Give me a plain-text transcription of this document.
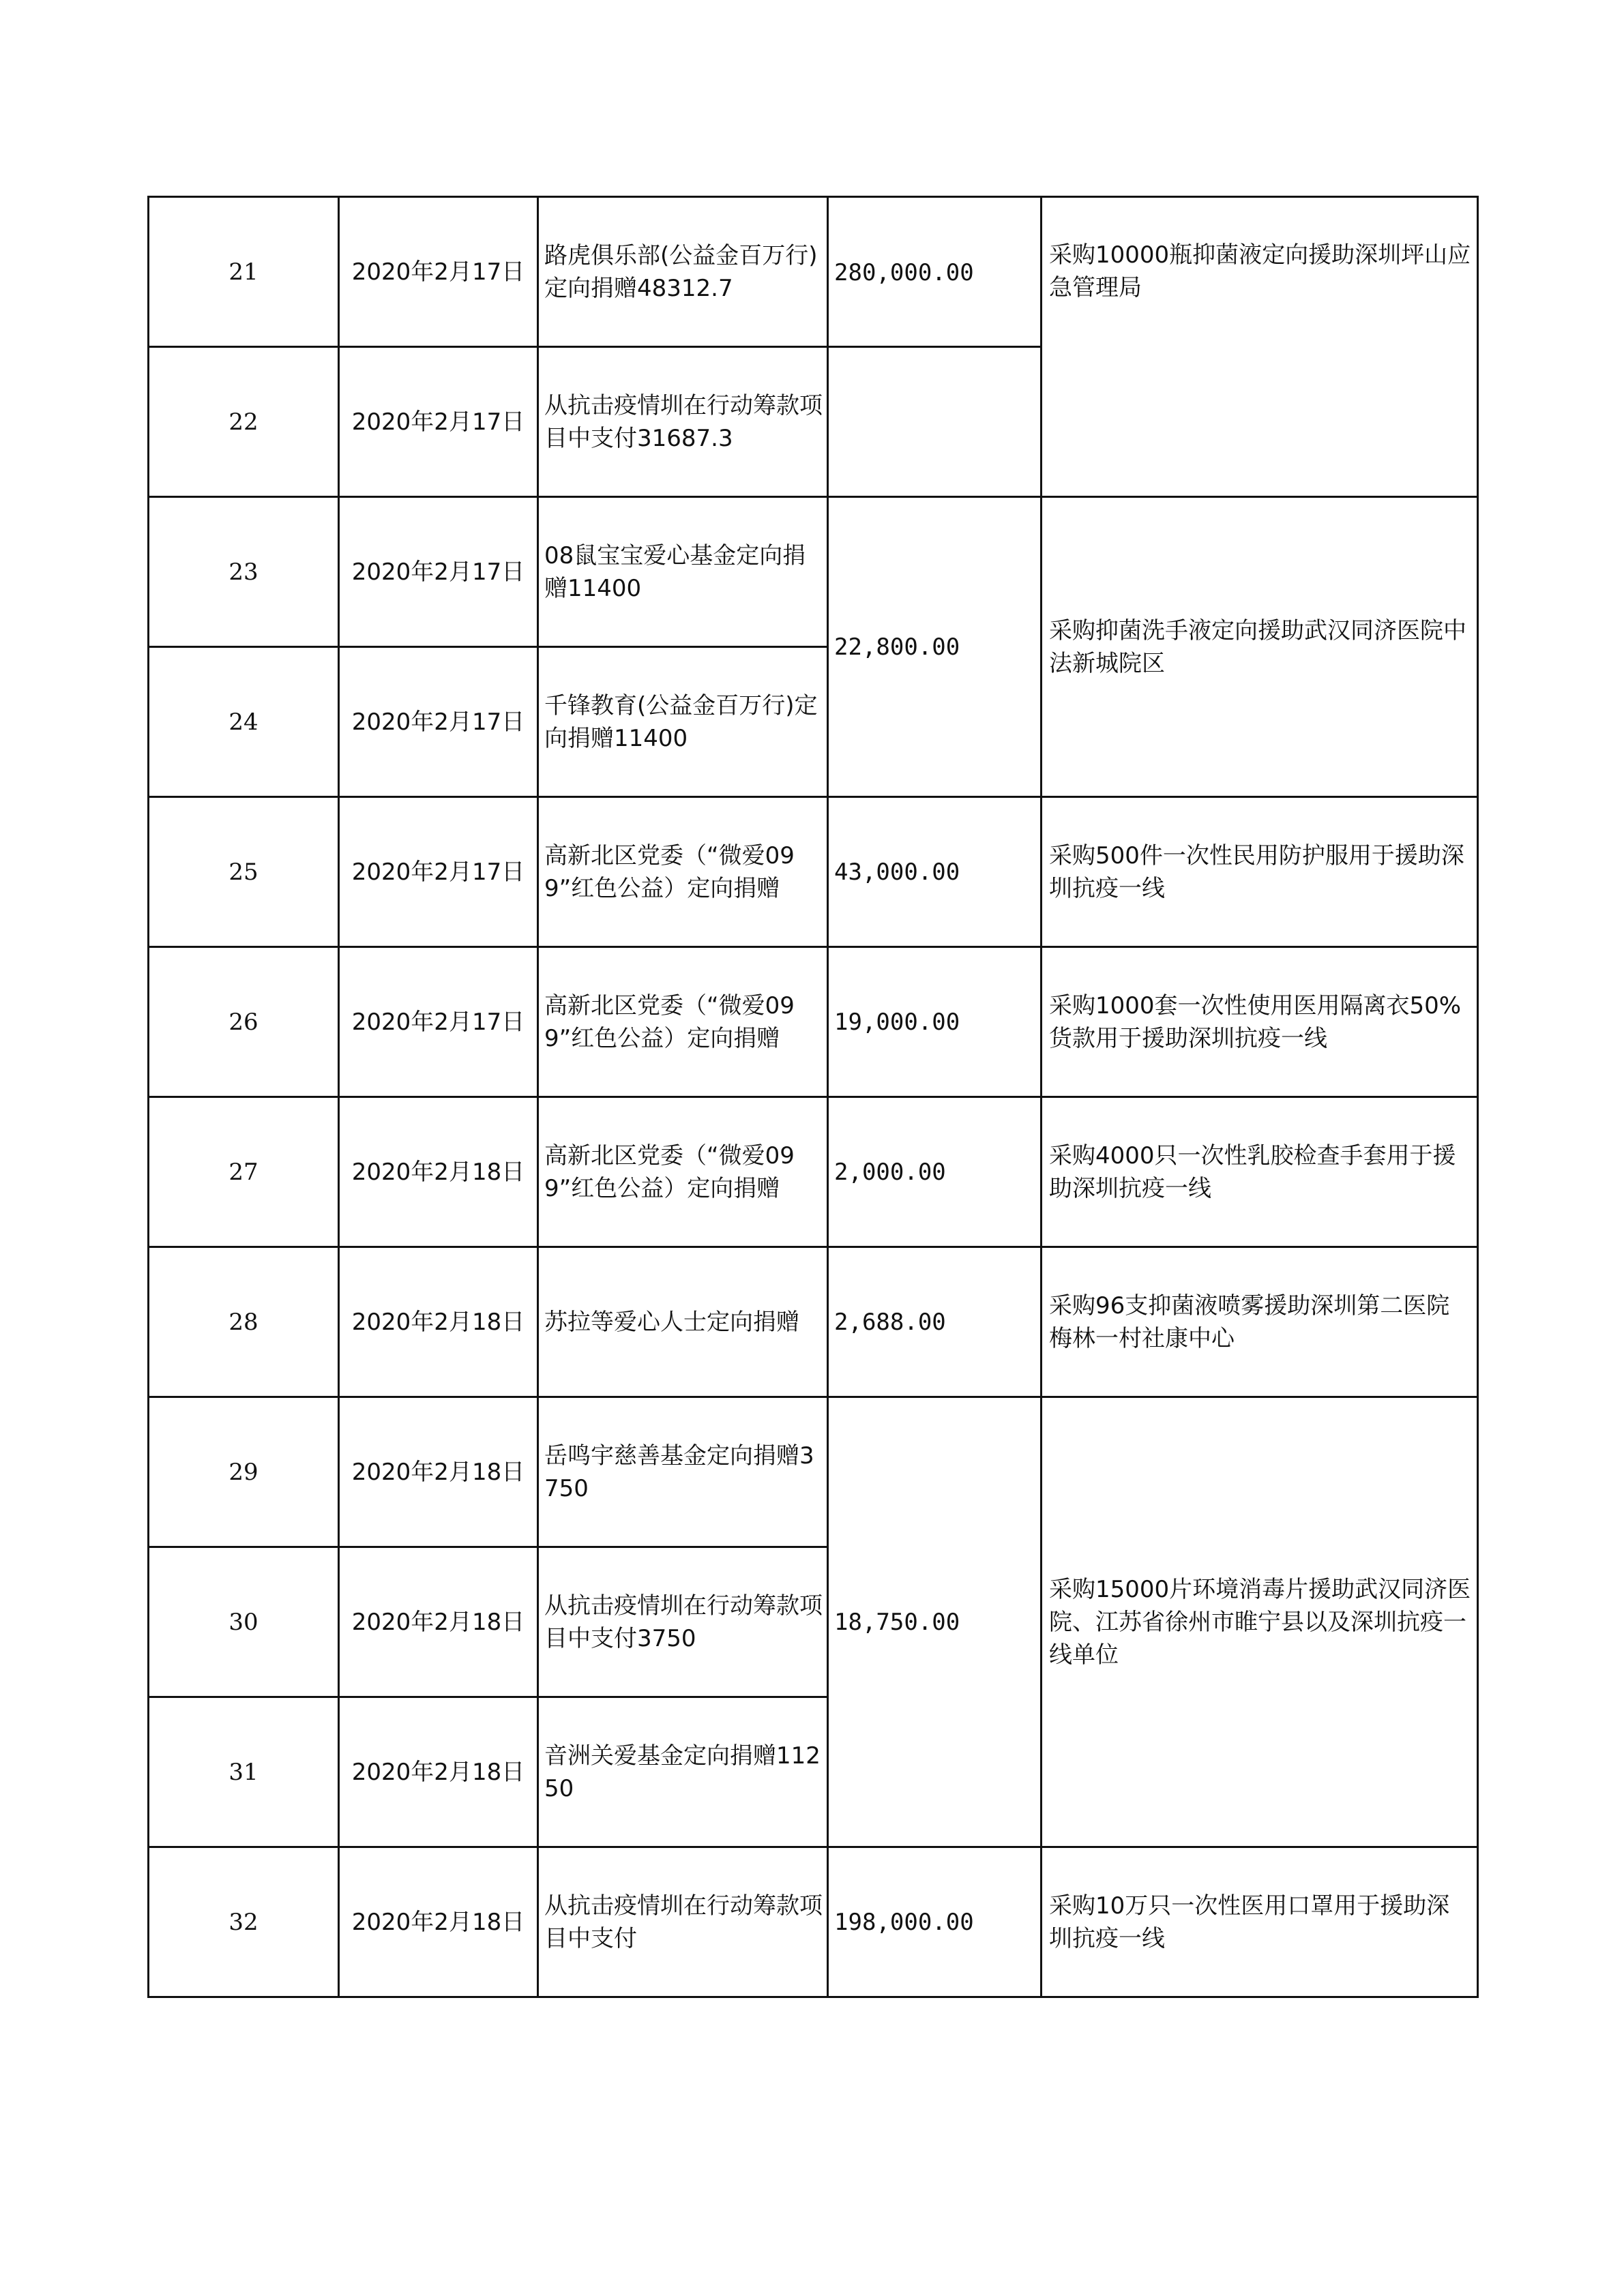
21	2020年2月17日	路虎俱乐部(公益金百万行)定向捐赠48312.7	280,000.00	采购10000瓶抑菌液定向援助深圳坪山应急管理局
22	2020年2月17日	从抗击疫情圳在行动筹款项目中支付31687.3		
23	2020年2月17日	08鼠宝宝爱心基金定向捐赠11400	22,800.00	采购抑菌洗手液定向援助武汉同济医院中法新城院区
24	2020年2月17日	千锋教育(公益金百万行)定向捐赠11400		
25	2020年2月17日	高新北区党委（“微爱099”红色公益）定向捐赠	43,000.00	采购500件一次性民用防护服用于援助深圳抗疫一线
26	2020年2月17日	高新北区党委（“微爱099”红色公益）定向捐赠	19,000.00	采购1000套一次性使用医用隔离衣50%货款用于援助深圳抗疫一线
27	2020年2月18日	高新北区党委（“微爱099”红色公益）定向捐赠	2,000.00	采购4000只一次性乳胶检查手套用于援助深圳抗疫一线
28	2020年2月18日	苏拉等爱心人士定向捐赠	2,688.00	采购96支抑菌液喷雾援助深圳第二医院梅林一村社康中心
29	2020年2月18日	岳鸣宇慈善基金定向捐赠3750	18,750.00	采购15000片环境消毒片援助武汉同济医院、江苏省徐州市睢宁县以及深圳抗疫一线单位
30	2020年2月18日	从抗击疫情圳在行动筹款项目中支付3750		
31	2020年2月18日	音洲关爱基金定向捐赠11250		
32	2020年2月18日	从抗击疫情圳在行动筹款项目中支付	198,000.00	采购10万只一次性医用口罩用于援助深圳抗疫一线
